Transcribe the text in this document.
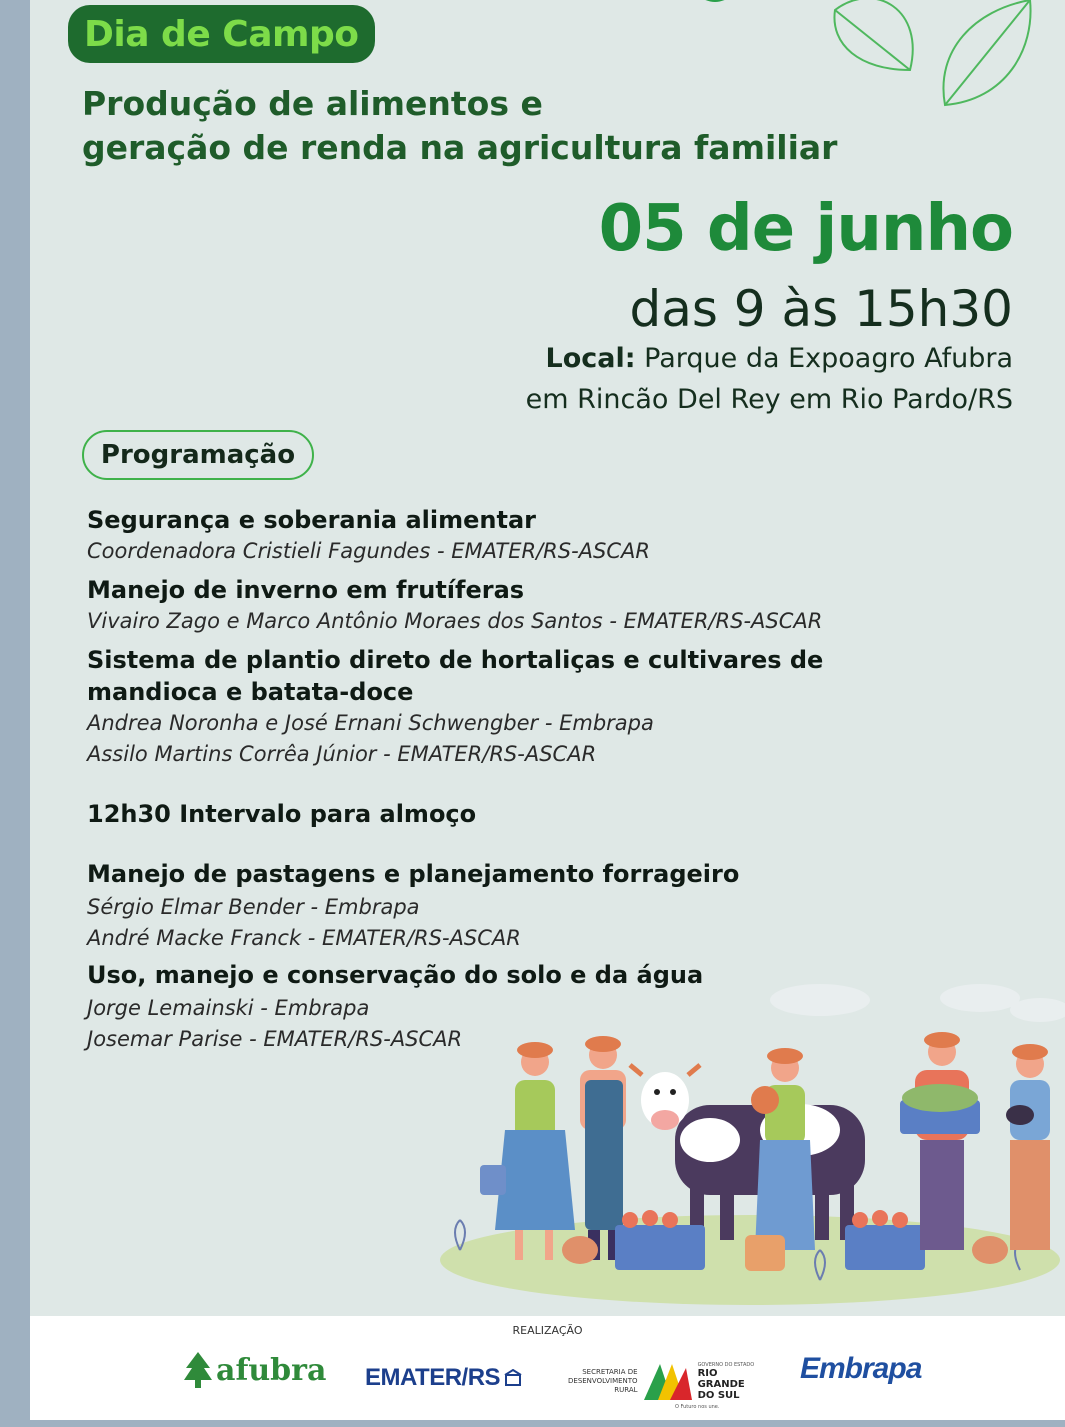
Dia de Campo
Produção de alimentos e
geração de renda na agricultura familiar
05 de junho
das 9 às 15h30
Local: Parque da Expoagro Afubra
em Rincão Del Rey em Rio Pardo/RS
Programação
Segurança e soberania alimentar
Coordenadora Cristieli Fagundes - EMATER/RS-ASCAR
Manejo de inverno em frutíferas
Vivairo Zago e Marco Antônio Moraes dos Santos - EMATER/RS-ASCAR
Sistema de plantio direto de hortaliças e cultivares de
mandioca e batata-doce
Andrea Noronha e José Ernani Schwengber - Embrapa
Assilo Martins Corrêa Júnior - EMATER/RS-ASCAR
12h30 Intervalo para almoço
Manejo de pastagens e planejamento forrageiro
Sérgio Elmar Bender - Embrapa
André Macke Franck - EMATER/RS-ASCAR
Uso, manejo e conservação do solo e da água
Jorge Lemainski - Embrapa
Josemar Parise - EMATER/RS-ASCAR
REALIZAÇÃO
afubra EMATER/RS	SECRETARIA DE
DESENVOLVIMENTO
RURAL
GOVERNO DO ESTADO
RIO
GRANDE
DO SUL
O Futuro nos une.
Embrapa
